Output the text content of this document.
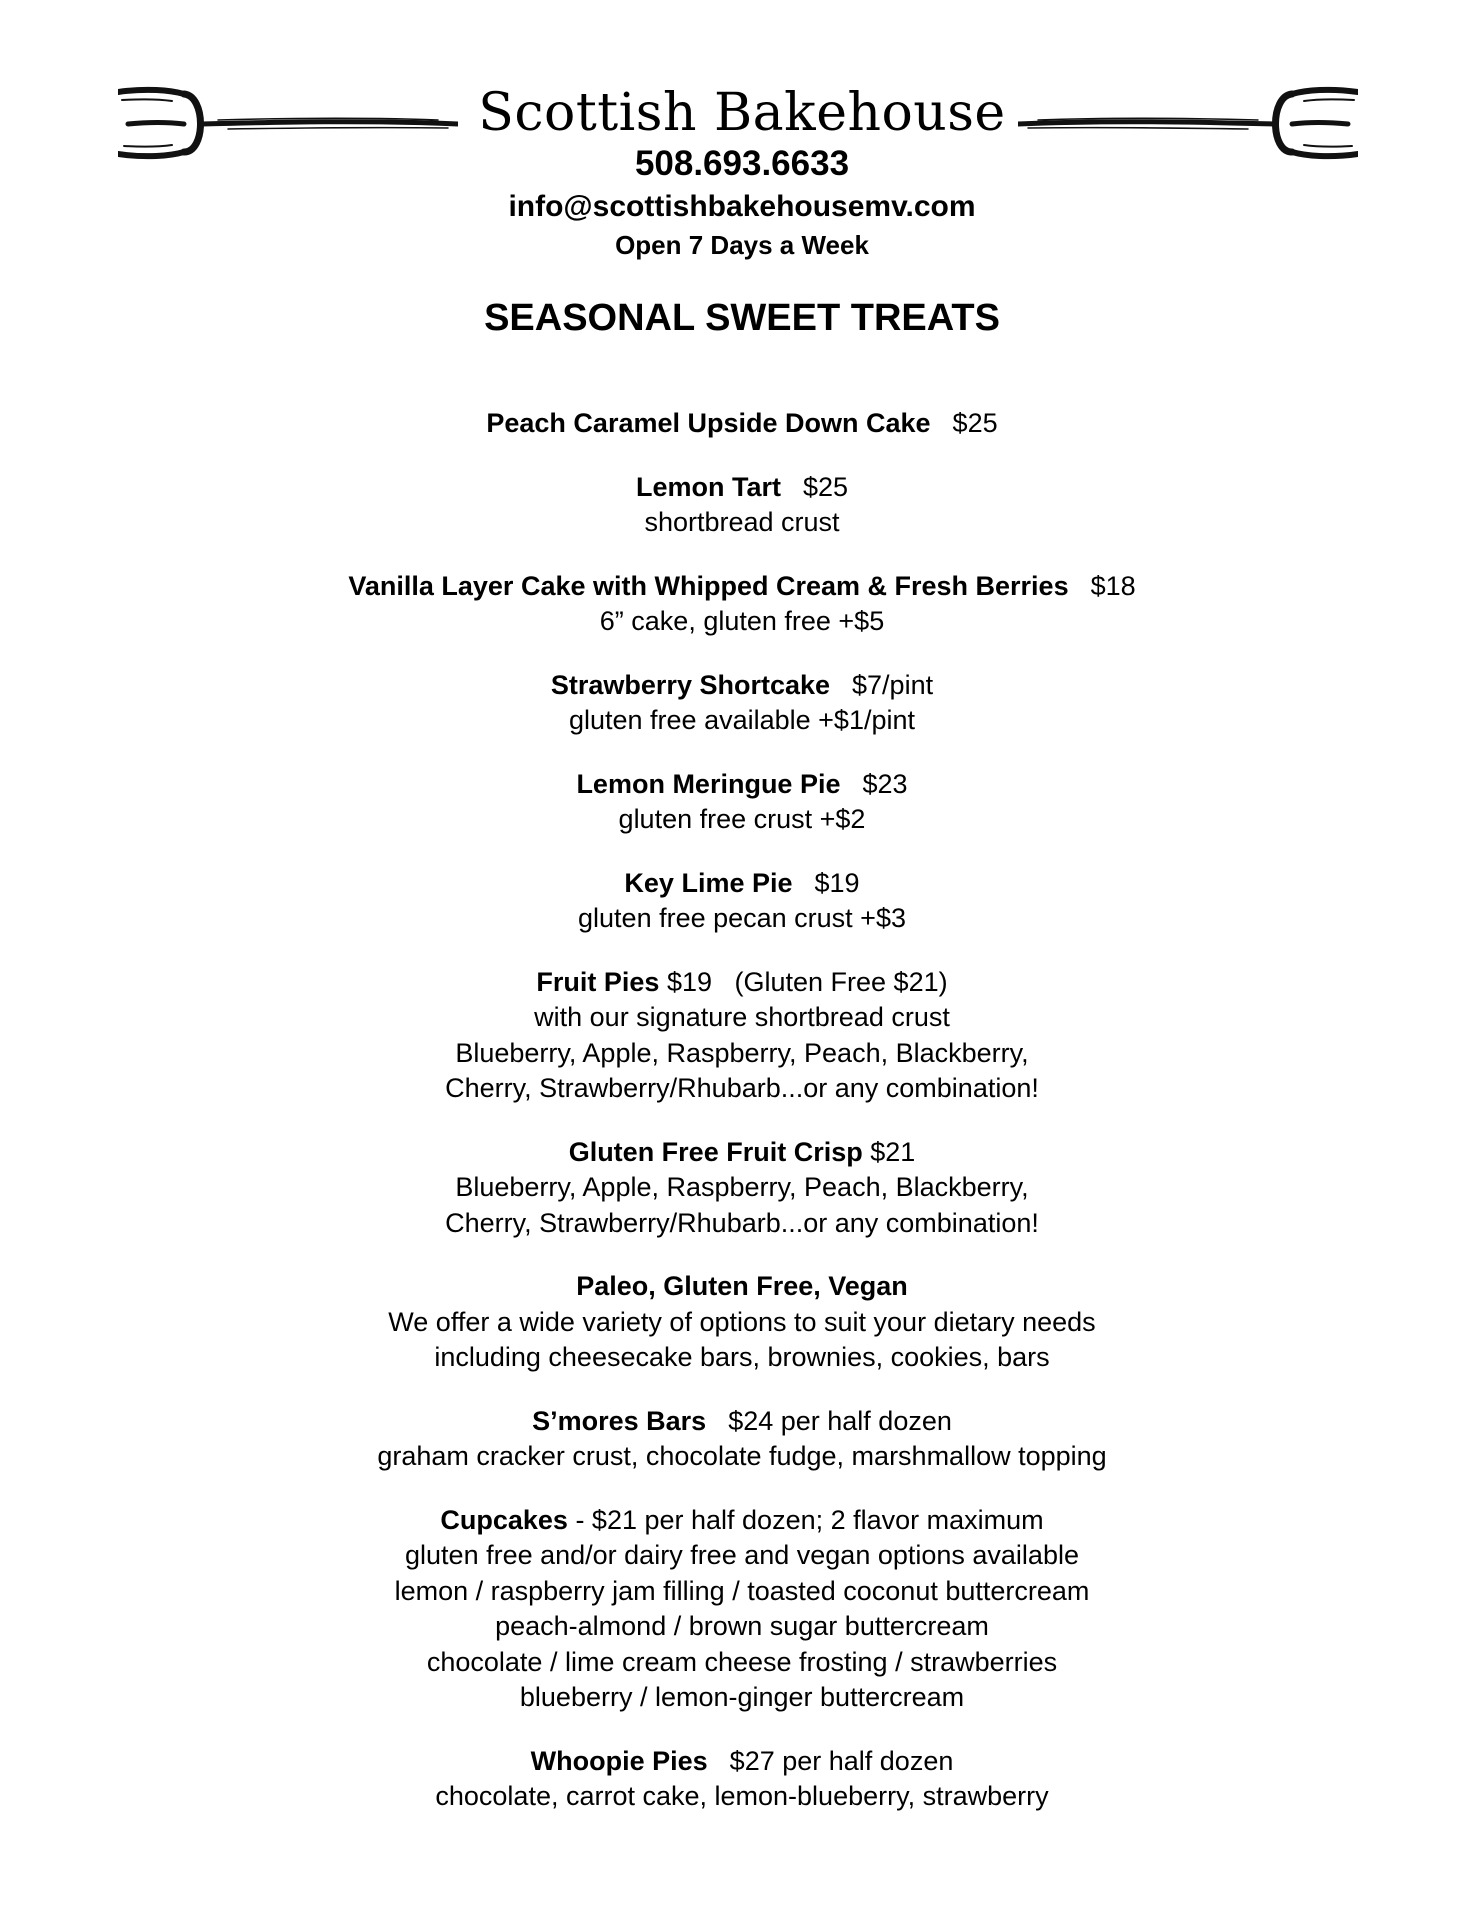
Scottish Bakehouse
508.693.6633
info@scottishbakehousemv.com
Open 7 Days a Week
SEASONAL SWEET TREATS
Peach Caramel Upside Down Cake $25
Lemon Tart $25
shortbread crust
Vanilla Layer Cake with Whipped Cream & Fresh Berries $18
6” cake, gluten free +$5
Strawberry Shortcake $7/pint
gluten free available +$1/pint
Lemon Meringue Pie $23
gluten free crust +$2
Key Lime Pie $19
gluten free pecan crust +$3
Fruit Pies $19   (Gluten Free $21)
with our signature shortbread crust
Blueberry, Apple, Raspberry, Peach, Blackberry,
Cherry, Strawberry/Rhubarb...or any combination!
Gluten Free Fruit Crisp $21
Blueberry, Apple, Raspberry, Peach, Blackberry,
Cherry, Strawberry/Rhubarb...or any combination!
Paleo, Gluten Free, Vegan
We offer a wide variety of options to suit your dietary needs
including cheesecake bars, brownies, cookies, bars
S’mores Bars $24 per half dozen
graham cracker crust, chocolate fudge, marshmallow topping
Cupcakes - $21 per half dozen; 2 flavor maximum
gluten free and/or dairy free and vegan options available
lemon / raspberry jam filling / toasted coconut buttercream
peach-almond / brown sugar buttercream
chocolate / lime cream cheese frosting / strawberries
blueberry / lemon-ginger buttercream
Whoopie Pies $27 per half dozen
chocolate, carrot cake, lemon-blueberry, strawberry
